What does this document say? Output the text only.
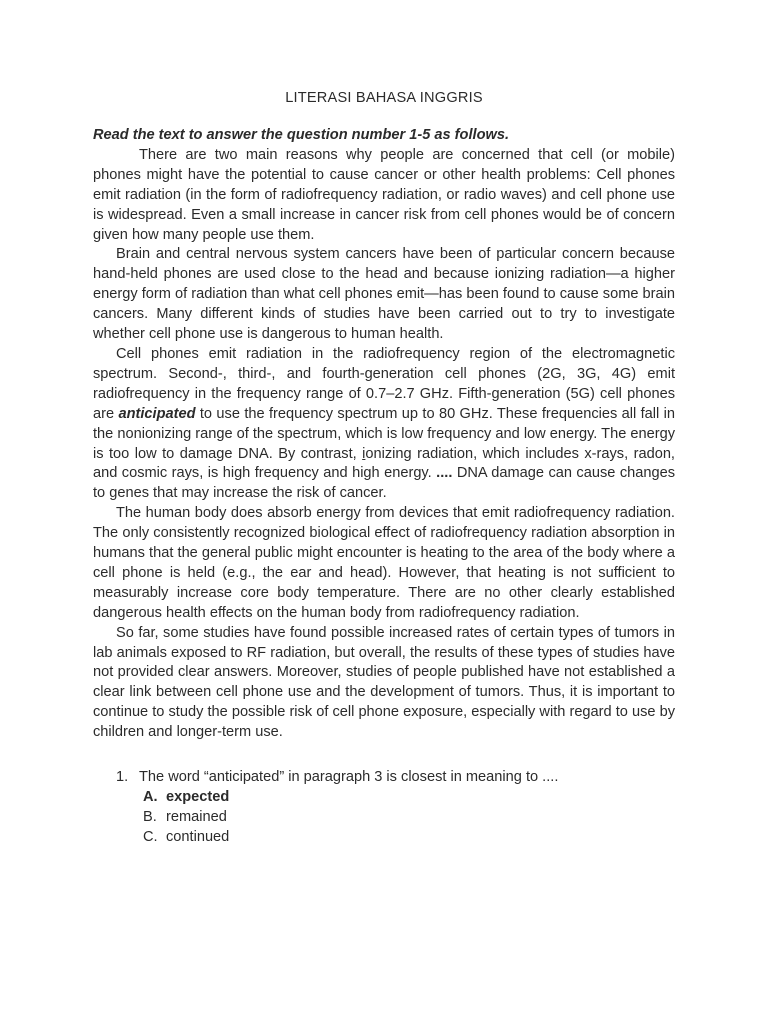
LITERASI BAHASA INGGRIS

Read the text to answer the question number 1-5 as follows.

There are two main reasons why people are concerned that cell (or mobile) phones might have the potential to cause cancer or other health problems: Cell phones emit radiation (in the form of radiofrequency radiation, or radio waves) and cell phone use is widespread. Even a small increase in cancer risk from cell phones would be of concern given how many people use them.

Brain and central nervous system cancers have been of particular concern because hand-held phones are used close to the head and because ionizing radiation—a higher energy form of radiation than what cell phones emit—has been found to cause some brain cancers. Many different kinds of studies have been carried out to try to investigate whether cell phone use is dangerous to human health.

Cell phones emit radiation in the radiofrequency region of the electromagnetic spectrum. Second-, third-, and fourth-generation cell phones (2G, 3G, 4G) emit radiofrequency in the frequency range of 0.7–2.7 GHz. Fifth-generation (5G) cell phones are anticipated to use the frequency spectrum up to 80 GHz. These frequencies all fall in the nonionizing range of the spectrum, which is low frequency and low energy. The energy is too low to damage DNA. By contrast, ionizing radiation, which includes x-rays, radon, and cosmic rays, is high frequency and high energy. .... DNA damage can cause changes to genes that may increase the risk of cancer.

The human body does absorb energy from devices that emit radiofrequency radiation. The only consistently recognized biological effect of radiofrequency radiation absorption in humans that the general public might encounter is heating to the area of the body where a cell phone is held (e.g., the ear and head). However, that heating is not sufficient to measurably increase core body temperature. There are no other clearly established dangerous health effects on the human body from radiofrequency radiation.

So far, some studies have found possible increased rates of certain types of tumors in lab animals exposed to RF radiation, but overall, the results of these types of studies have not provided clear answers. Moreover, studies of people published have not established a clear link between cell phone use and the development of tumors. Thus, it is important to continue to study the possible risk of cell phone exposure, especially with regard to use by children and longer-term use.

1. The word “anticipated” in paragraph 3 is closest in meaning to ....
A. expected
B. remained
C. continued
